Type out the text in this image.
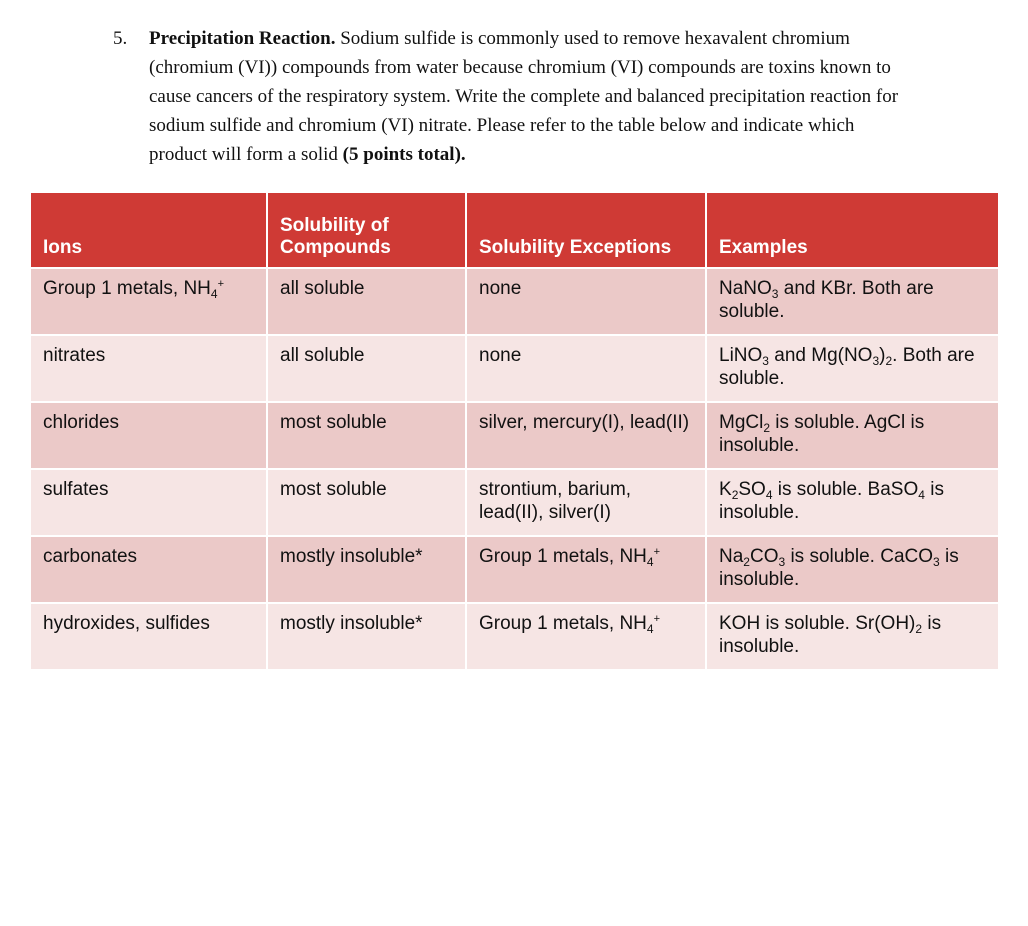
5. Precipitation Reaction. Sodium sulfide is commonly used to remove hexavalent chromium (chromium (VI)) compounds from water because chromium (VI) compounds are toxins known to cause cancers of the respiratory system. Write the complete and balanced precipitation reaction for sodium sulfide and chromium (VI) nitrate. Please refer to the table below and indicate which product will form a solid (5 points total).
Ions	Solubility of Compounds	Solubility Exceptions	Examples
Group 1 metals, $NH_4^+$	all soluble	none	NaNO$_3$ and KBr. Both are soluble.
nitrates	all soluble	none	LiNO$_3$ and $Mg(NO_3)_2$. Both are soluble.
chlorides	most soluble	silver, mercury(I), lead(II)	MgCl$_2$ is soluble. AgCl is insoluble.
sulfates	most soluble	strontium, barium, lead(II), silver(I)	$K_2SO_4$ is soluble. BaSO$_4$ is insoluble.
carbonates	mostly insoluble*	Group 1 metals, $NH_4^+$	$Na_2CO_3$ is soluble. CaCO$_3$ is insoluble.
hydroxides, sulfides	mostly insoluble*	Group 1 metals, $NH_4^+$	KOH is soluble. $Sr(OH)_2$ is insoluble.
